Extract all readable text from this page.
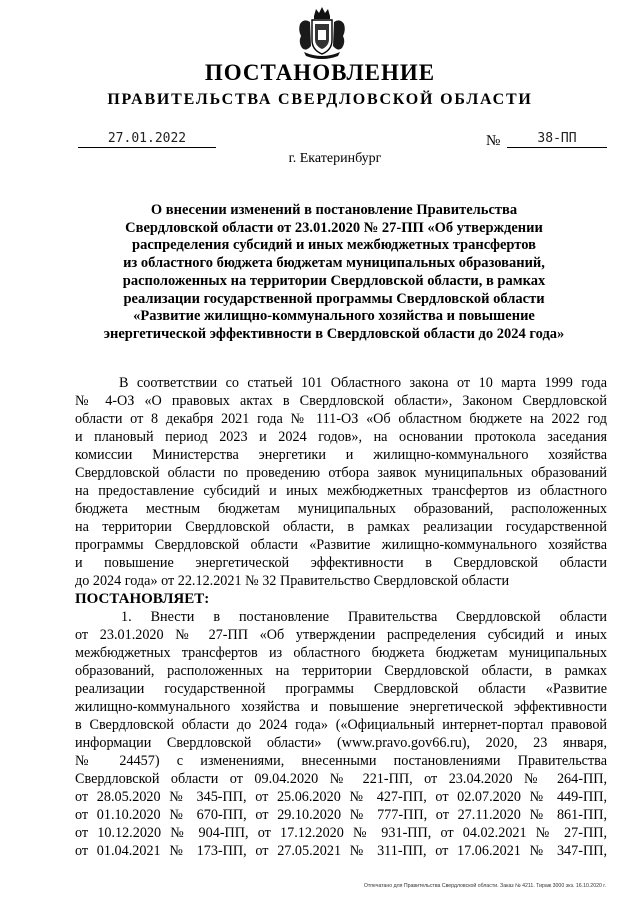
ПОСТАНОВЛЕНИЕ
ПРАВИТЕЛЬСТВА СВЕРДЛОВСКОЙ ОБЛАСТИ
27.01.2022	№	38-ПП
г. Екатеринбург
О внесении изменений в постановление Правительства
Свердловской области от 23.01.2020 № 27-ПП «Об утверждении
распределения субсидий и иных межбюджетных трансфертов
из областного бюджета бюджетам муниципальных образований,
расположенных на территории Свердловской области, в рамках
реализации государственной программы Свердловской области
«Развитие жилищно-коммунального хозяйства и повышение
энергетической эффективности в Свердловской области до 2024 года»
В соответствии со статьей 101 Областного закона от 10 марта 1999 года
№ 4-ОЗ «О правовых актах в Свердловской области», Законом Свердловской
области от 8 декабря 2021 года № 111-ОЗ «Об областном бюджете на 2022 год
и плановый период 2023 и 2024 годов», на основании протокола заседания
комиссии Министерства энергетики и жилищно-коммунального хозяйства
Свердловской области по проведению отбора заявок муниципальных образований
на предоставление субсидий и иных межбюджетных трансфертов из областного
бюджета местным бюджетам муниципальных образований, расположенных
на территории Свердловской области, в рамках реализации государственной
программы Свердловской области «Развитие жилищно-коммунального хозяйства
и повышение энергетической эффективности в Свердловской области
до 2024 года» от 22.12.2021 № 32 Правительство Свердловской области
ПОСТАНОВЛЯЕТ:
1. Внести в постановление Правительства Свердловской области
от 23.01.2020 № 27-ПП «Об утверждении распределения субсидий и иных
межбюджетных трансфертов из областного бюджета бюджетам муниципальных
образований, расположенных на территории Свердловской области, в рамках
реализации государственной программы Свердловской области «Развитие
жилищно-коммунального хозяйства и повышение энергетической эффективности
в Свердловской области до 2024 года» («Официальный интернет-портал правовой
информации Свердловской области» (www.pravo.gov66.ru), 2020, 23 января,
№ 24457) с изменениями, внесенными постановлениями Правительства
Свердловской области от 09.04.2020 № 221-ПП, от 23.04.2020 № 264-ПП,
от 28.05.2020 № 345-ПП, от 25.06.2020 № 427-ПП, от 02.07.2020 № 449-ПП,
от 01.10.2020 № 670-ПП, от 29.10.2020 № 777-ПП, от 27.11.2020 № 861-ПП,
от 10.12.2020 № 904-ПП, от 17.12.2020 № 931-ПП, от 04.02.2021 № 27-ПП,
от 01.04.2021 № 173-ПП, от 27.05.2021 № 311-ПП, от 17.06.2021 № 347-ПП,
Отпечатано для Правительства Свердловской области. Заказ № 4211. Тираж 3000 экз. 16.10.2020 г.
